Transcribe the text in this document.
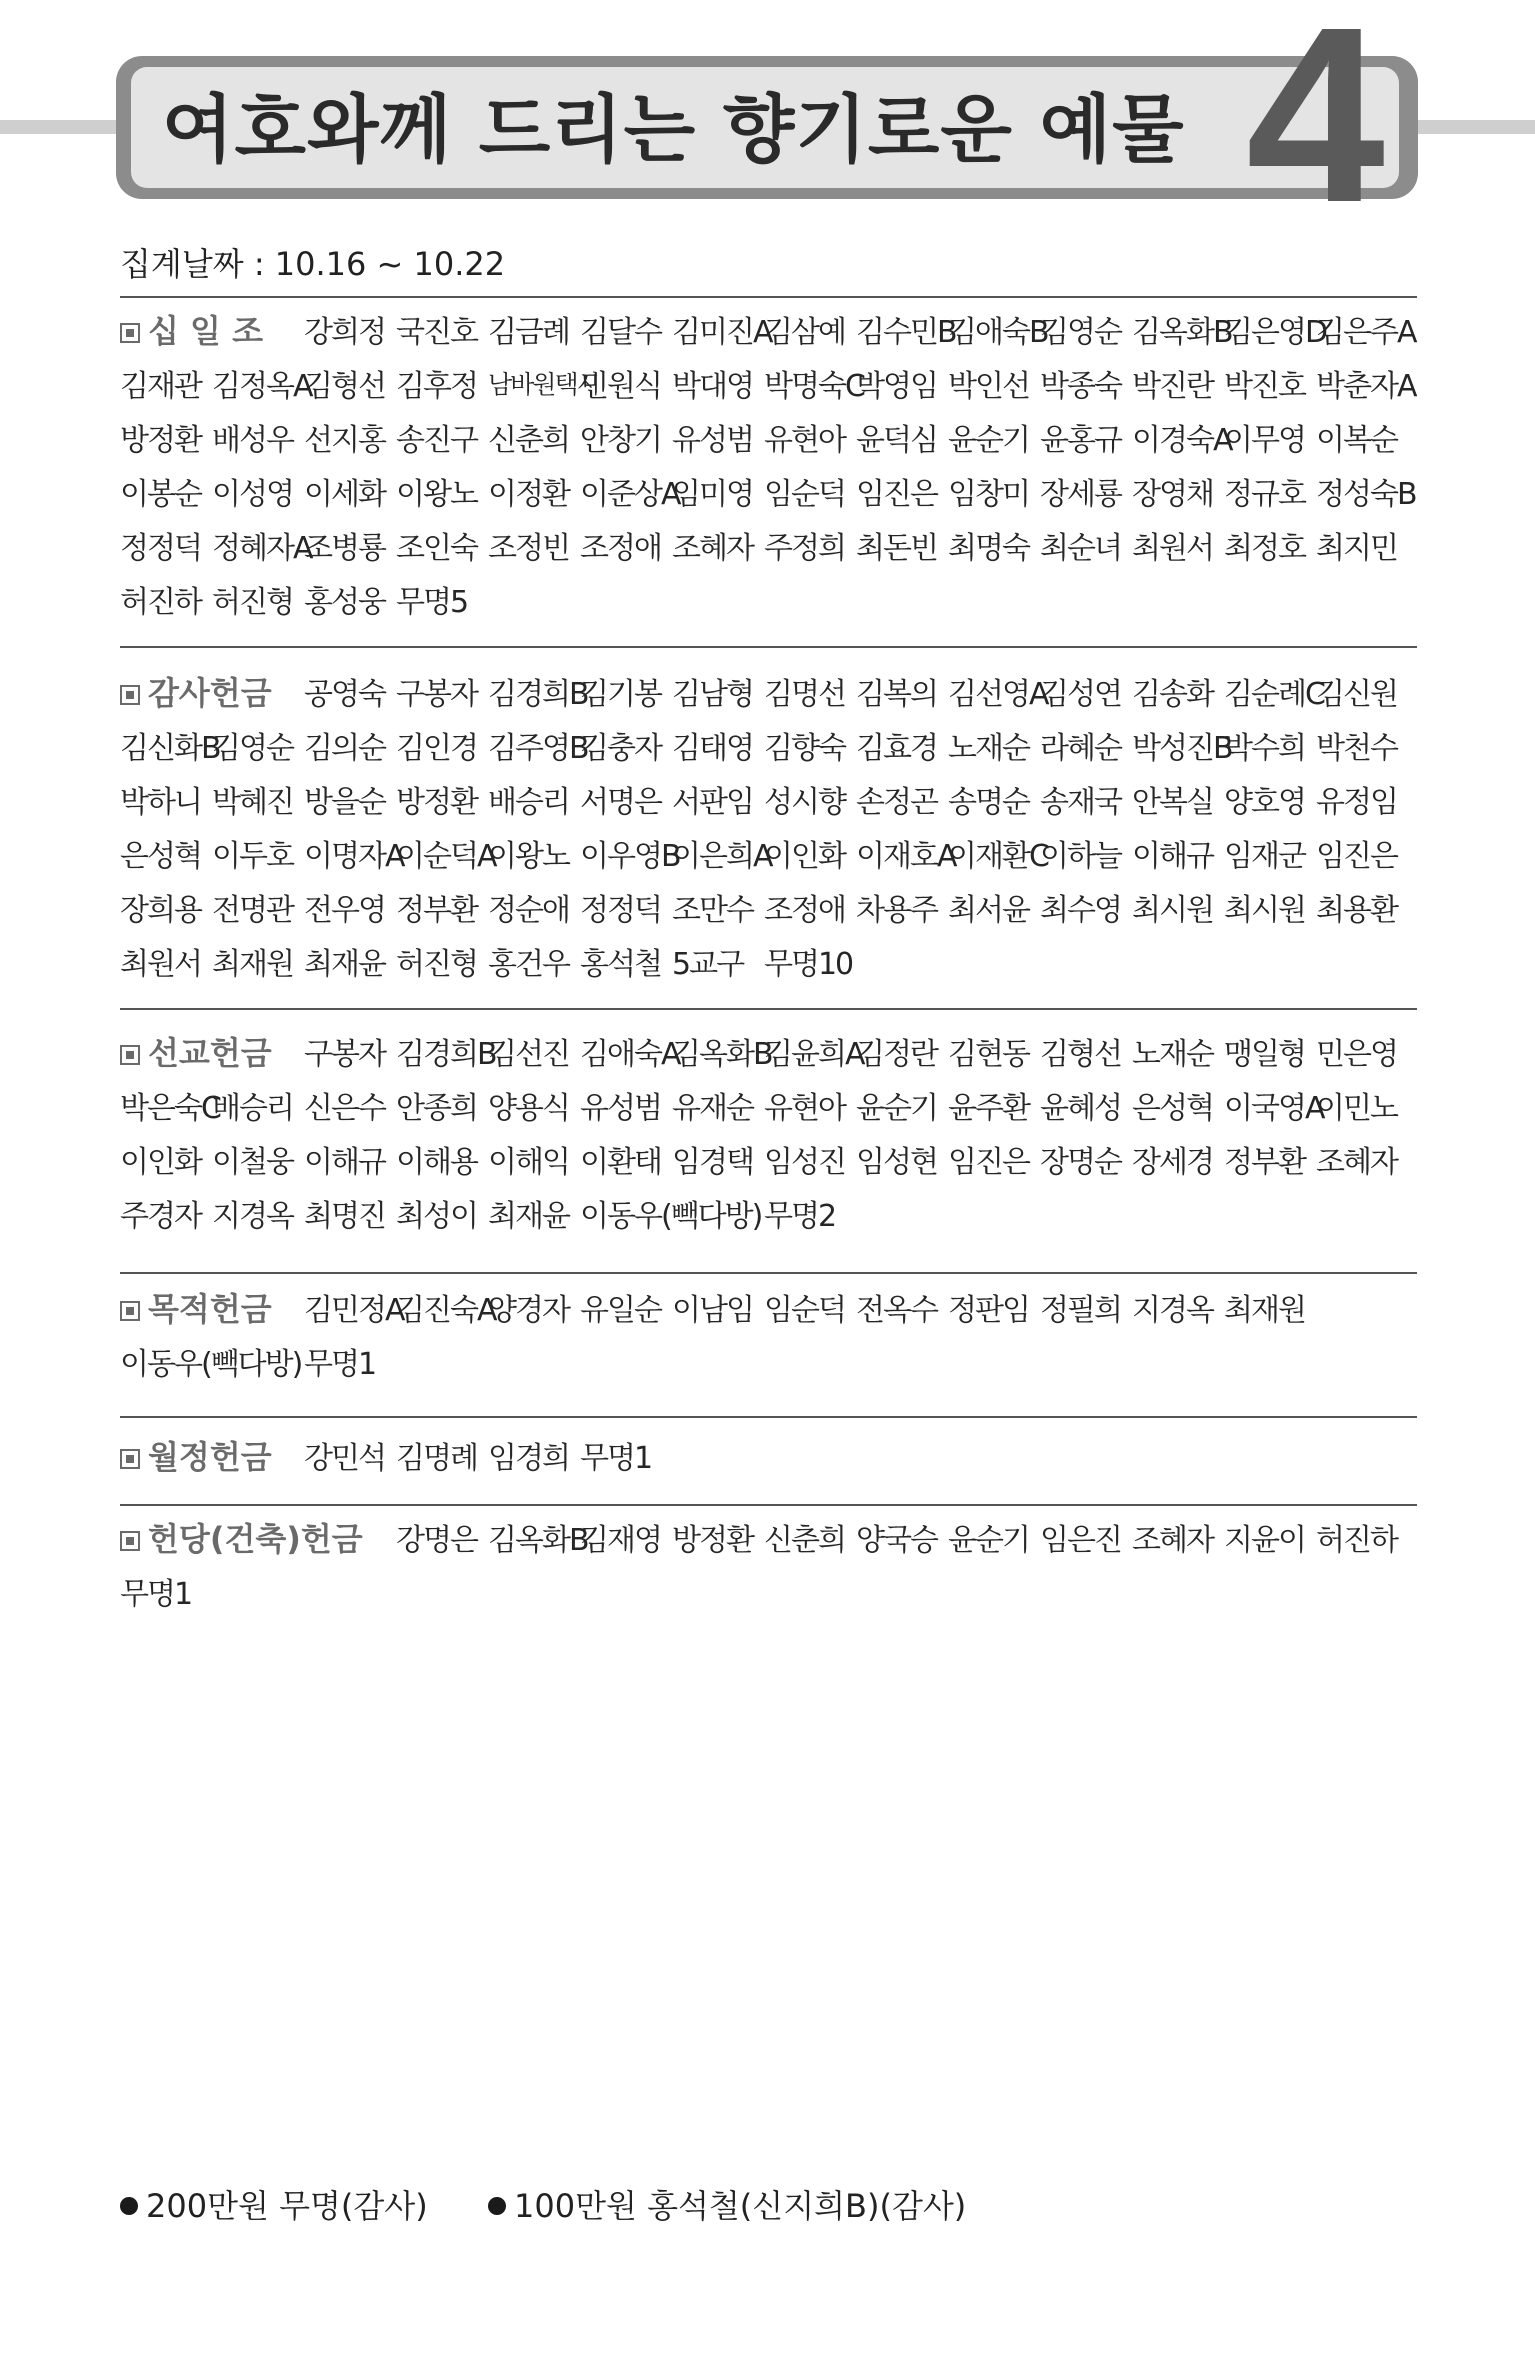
여호와께 드리는 향기로운 예물 4
집계날짜 : 10.16 ~ 10.22
십 일 조	강희정 국진호 김금례 김달수 김미진A
김삼예 김수민B
김애숙B
김영순 김옥화B
김은영D
김은주A
김재관 김정옥A
김형선 김후정 남바원택시
민원식 박대영 박명숙C
박영임 박인선 박종숙 박진란 박진호 박춘자A
방정환 배성우 선지홍 송진구 신춘희 안창기 유성범 유현아 윤덕심 윤순기 윤홍규 이경숙A
이무영 이복순
이봉순 이성영 이세화 이왕노 이정환 이준상A
임미영 임순덕 임진은 임창미 장세룡 장영채 정규호 정성숙B
정정덕 정혜자A
조병룡 조인숙 조정빈 조정애 조혜자 주정희 최돈빈 최명숙 최순녀 최원서 최정호 최지민
허진하 허진형 홍성웅 무명5
감사헌금	공영숙 구봉자 김경희B
김기봉 김남형 김명선 김복의 김선영A
김성연 김송화 김순례C
김신원
김신화B
김영순 김의순 김인경 김주영B
김충자 김태영 김향숙 김효경 노재순 라혜순 박성진B
박수희 박천수
박하니 박혜진 방을순 방정환 배승리 서명은 서판임 성시향 손정곤 송명순 송재국 안복실 양호영 유정임
은성혁 이두호 이명자A
이순덕A
이왕노 이우영B
이은희A
이인화 이재호A
이재환C
이하늘 이해규 임재군 임진은
장희용 전명관 전우영 정부환 정순애 정정덕 조만수 조정애 차용주 최서윤 최수영 최시원 최시원 최용환
최원서 최재원 최재윤 허진형 홍건우 홍석철 5교구 무명10
선교헌금	구봉자 김경희B
김선진 김애숙A
김옥화B
김윤희A
김정란 김현동 김형선 노재순 맹일형 민은영
박은숙C
배승리 신은수 안종희 양용식 유성범 유재순 유현아 윤순기 윤주환 윤혜성 은성혁 이국영A
이민노
이인화 이철웅 이해규 이해용 이해익 이환태 임경택 임성진 임성현 임진은 장명순 장세경 정부환 조혜자
주경자 지경옥 최명진 최성이 최재윤 이동우(빽다방) 무명2
목적헌금	김민정A
김진숙A
양경자 유일순 이남임 임순덕 전옥수 정판임 정필희 지경옥 최재원
이동우(빽다방) 무명1
월정헌금	강민석 김명례 임경희 무명1
헌당(건축)헌금	강명은 김옥화B
김재영 방정환 신춘희 양국승 윤순기 임은진 조혜자 지윤이 허진하
무명1
200만원 무명(감사)	100만원 홍석철(신지희B)(감사)
